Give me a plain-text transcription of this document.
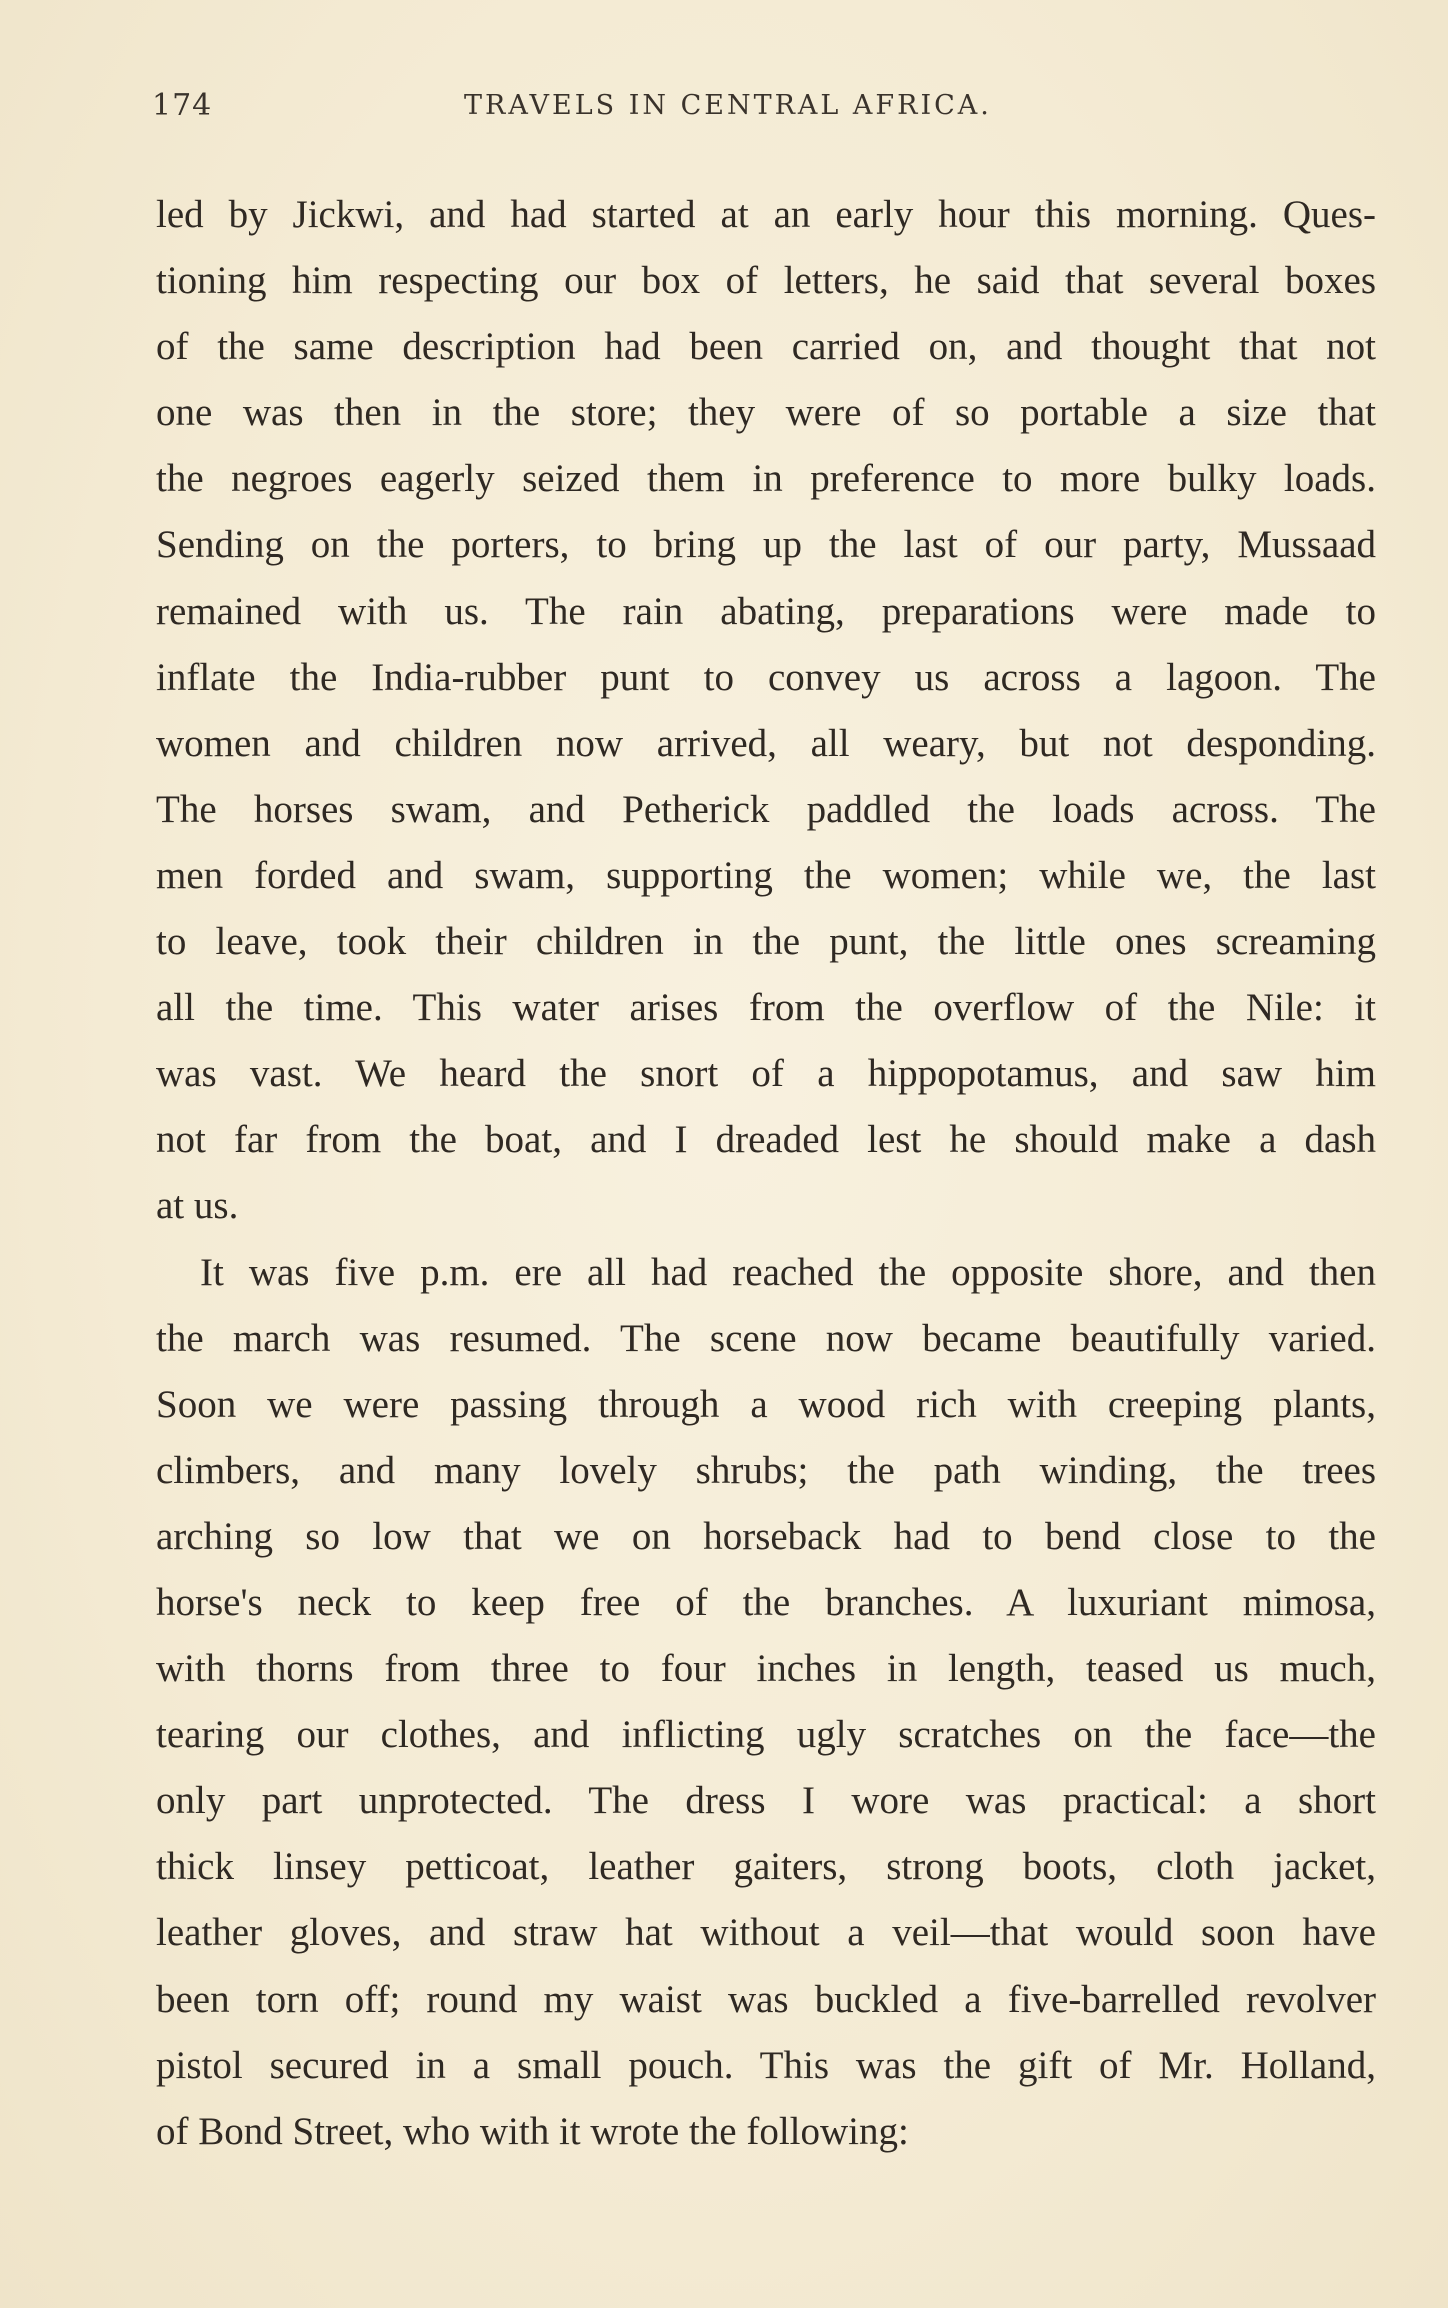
174	TRAVELS IN CENTRAL AFRICA.
led by Jickwi, and had started at an early hour this morning. Ques-
tioning him respecting our box of letters, he said that several boxes
of the same description had been carried on, and thought that not
one was then in the store; they were of so portable a size that
the negroes eagerly seized them in preference to more bulky loads.
Sending on the porters, to bring up the last of our party, Mussaad
remained with us. The rain abating, preparations were made to
inflate the India-rubber punt to convey us across a lagoon. The
women and children now arrived, all weary, but not desponding.
The horses swam, and Petherick paddled the loads across. The
men forded and swam, supporting the women; while we, the last
to leave, took their children in the punt, the little ones screaming
all the time. This water arises from the overflow of the Nile: it
was vast. We heard the snort of a hippopotamus, and saw him
not far from the boat, and I dreaded lest he should make a dash
at us.
It was five p.m. ere all had reached the opposite shore, and then
the march was resumed. The scene now became beautifully varied.
Soon we were passing through a wood rich with creeping plants,
climbers, and many lovely shrubs; the path winding, the trees
arching so low that we on horseback had to bend close to the
horse's neck to keep free of the branches. A luxuriant mimosa,
with thorns from three to four inches in length, teased us much,
tearing our clothes, and inflicting ugly scratches on the face—the
only part unprotected. The dress I wore was practical: a short
thick linsey petticoat, leather gaiters, strong boots, cloth jacket,
leather gloves, and straw hat without a veil—that would soon have
been torn off; round my waist was buckled a five-barrelled revolver
pistol secured in a small pouch. This was the gift of Mr. Holland,
of Bond Street, who with it wrote the following:
